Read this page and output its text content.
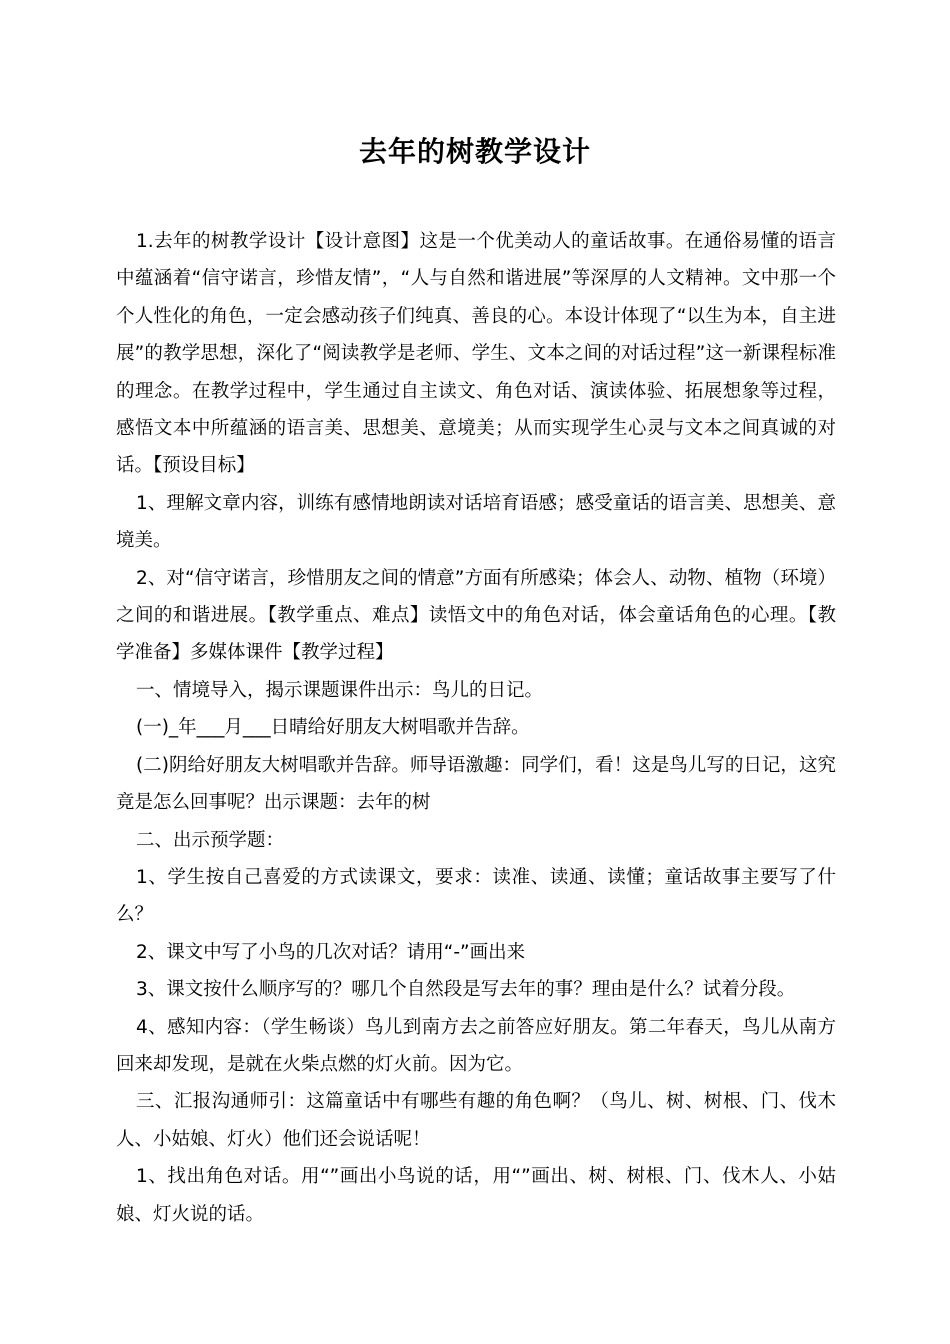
去年的树教学设计

1.去年的树教学设计【设计意图】这是一个优美动人的童话故事。在通俗易懂的语言中蕴涵着“信守诺言，珍惜友情”，“人与自然和谐进展”等深厚的人文精神。文中那一个个人性化的角色，一定会感动孩子们纯真、善良的心。本设计体现了“以生为本，自主进展”的教学思想，深化了“阅读教学是老师、学生、文本之间的对话过程”这一新课程标准的理念。在教学过程中，学生通过自主读文、角色对话、演读体验、拓展想象等过程，感悟文本中所蕴涵的语言美、思想美、意境美；从而实现学生心灵与文本之间真诚的对话。【预设目标】

1、理解文章内容，训练有感情地朗读对话培育语感；感受童话的语言美、思想美、意境美。

2、对“信守诺言，珍惜朋友之间的情意”方面有所感染；体会人、动物、植物（环境）之间的和谐进展。【教学重点、难点】读悟文中的角色对话，体会童话角色的心理。【教学准备】多媒体课件【教学过程】

一、情境导入，揭示课题课件出示：鸟儿的日记。

(一)_年___月___日晴给好朋友大树唱歌并告辞。

(二)阴给好朋友大树唱歌并告辞。师导语激趣：同学们，看！这是鸟儿写的日记，这究竟是怎么回事呢？出示课题：去年的树

二、出示预学题：

1、学生按自己喜爱的方式读课文，要求：读准、读通、读懂；童话故事主要写了什么？

2、课文中写了小鸟的几次对话？请用“-”画出来

3、课文按什么顺序写的？哪几个自然段是写去年的事？理由是什么？试着分段。

4、感知内容：（学生畅谈）鸟儿到南方去之前答应好朋友。第二年春天，鸟儿从南方回来却发现，是就在火柴点燃的灯火前。因为它。

三、汇报沟通师引：这篇童话中有哪些有趣的角色啊？（鸟儿、树、树根、门、伐木人、小姑娘、灯火）他们还会说话呢！

1、找出角色对话。用“”画出小鸟说的话，用“”画出、树、树根、门、伐木人、小姑娘、灯火说的话。
